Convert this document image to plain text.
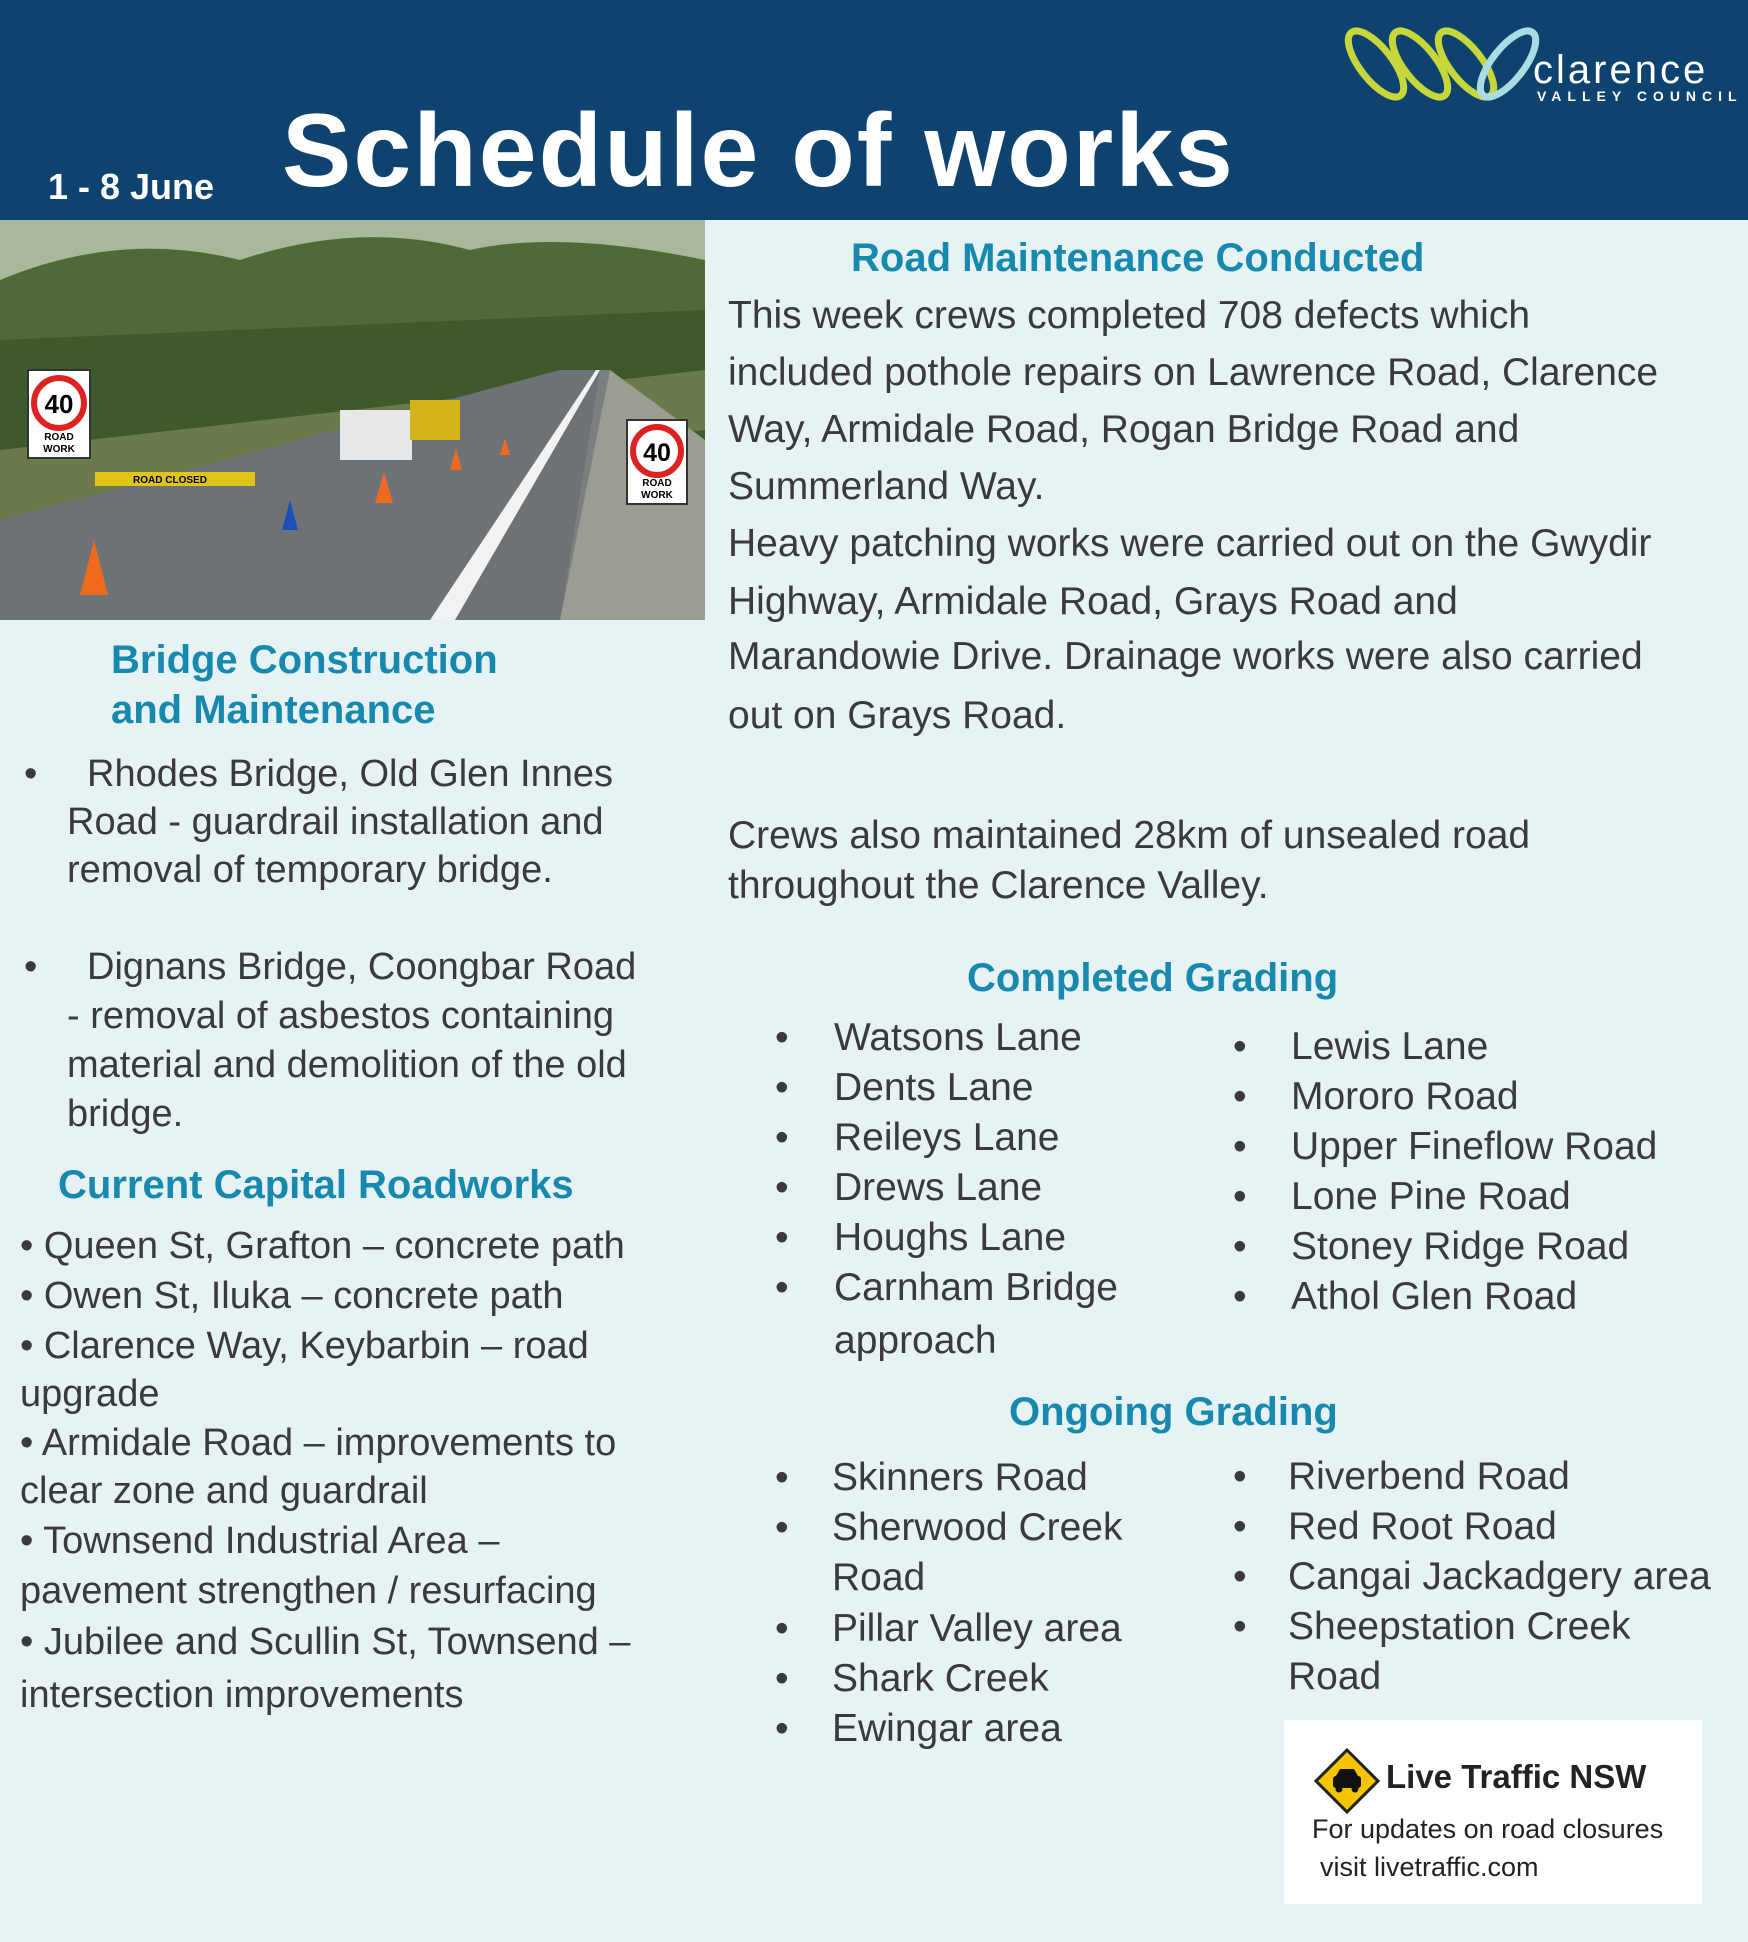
1 - 8 June Schedule of works
clarence
VALLEY COUNCIL
40
ROAD
WORK
ROAD CLOSED
40
ROAD
WORK
Bridge Construction
and Maintenance
• Rhodes Bridge, Old Glen Innes
Road - guardrail installation and
removal of temporary bridge.
• Dignans Bridge, Coongbar Road
- removal of asbestos containing
material and demolition of the old
bridge.
Current Capital Roadworks
• Queen St, Grafton – concrete path
• Owen St, Iluka – concrete path
• Clarence Way, Keybarbin – road
upgrade
• Armidale Road – improvements to
clear zone and guardrail
• Townsend Industrial Area –
pavement strengthen / resurfacing
• Jubilee and Scullin St, Townsend –
intersection improvements
Road Maintenance Conducted
This week crews completed 708 defects which
included pothole repairs on Lawrence Road, Clarence
Way, Armidale Road, Rogan Bridge Road and
Summerland Way.
Heavy patching works were carried out on the Gwydir
Highway, Armidale Road, Grays Road and
Marandowie Drive. Drainage works were also carried
out on Grays Road.
Crews also maintained 28km of unsealed road
throughout the Clarence Valley.
Completed Grading
• Watsons Lane
• Dents Lane
• Reileys Lane
• Drews Lane
• Houghs Lane
• Carnham Bridge
approach
• Lewis Lane
• Mororo Road
• Upper Fineflow Road
• Lone Pine Road
• Stoney Ridge Road
• Athol Glen Road
Ongoing Grading
• Skinners Road
• Sherwood Creek
Road
• Pillar Valley area
• Shark Creek
• Ewingar area
• Riverbend Road
• Red Root Road
• Cangai Jackadgery area
• Sheepstation Creek
Road
Live Traffic NSW
For updates on road closures
visit livetraffic.com
